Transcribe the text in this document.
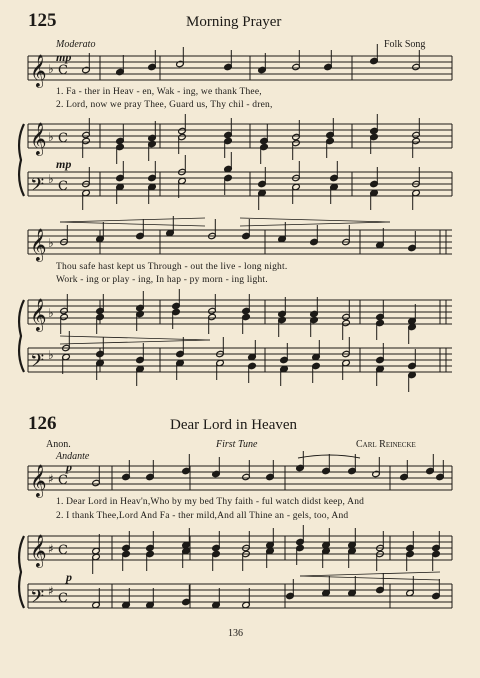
𝄞 ♭ C
𝄞 ♭ C
𝄢 ♭ C
𝄞 ♭
𝄞 ♭
𝄢 ♭
𝄞 ♯ C
𝄞 ♯ C
𝄢 ♯ C
125	Morning Prayer
Moderato	Folk Song
mp
mp
1. Fa - ther in Heav - en, Wak - ing, we thank Thee,
2. Lord, now we pray Thee, Guard us, Thy chil - dren,
Thou safe hast kept us Through - out the live - long night.
Work - ing or play - ing, In hap - py morn - ing light.
126	Dear Lord in Heaven
Anon.	First Tune	Carl Reinecke
Andante
p
p
1. Dear Lord in Heav'n,Who by my bed Thy faith - ful watch didst keep, And
2. I thank Thee,Lord And Fa - ther mild,And all Thine an - gels, too, And
136
